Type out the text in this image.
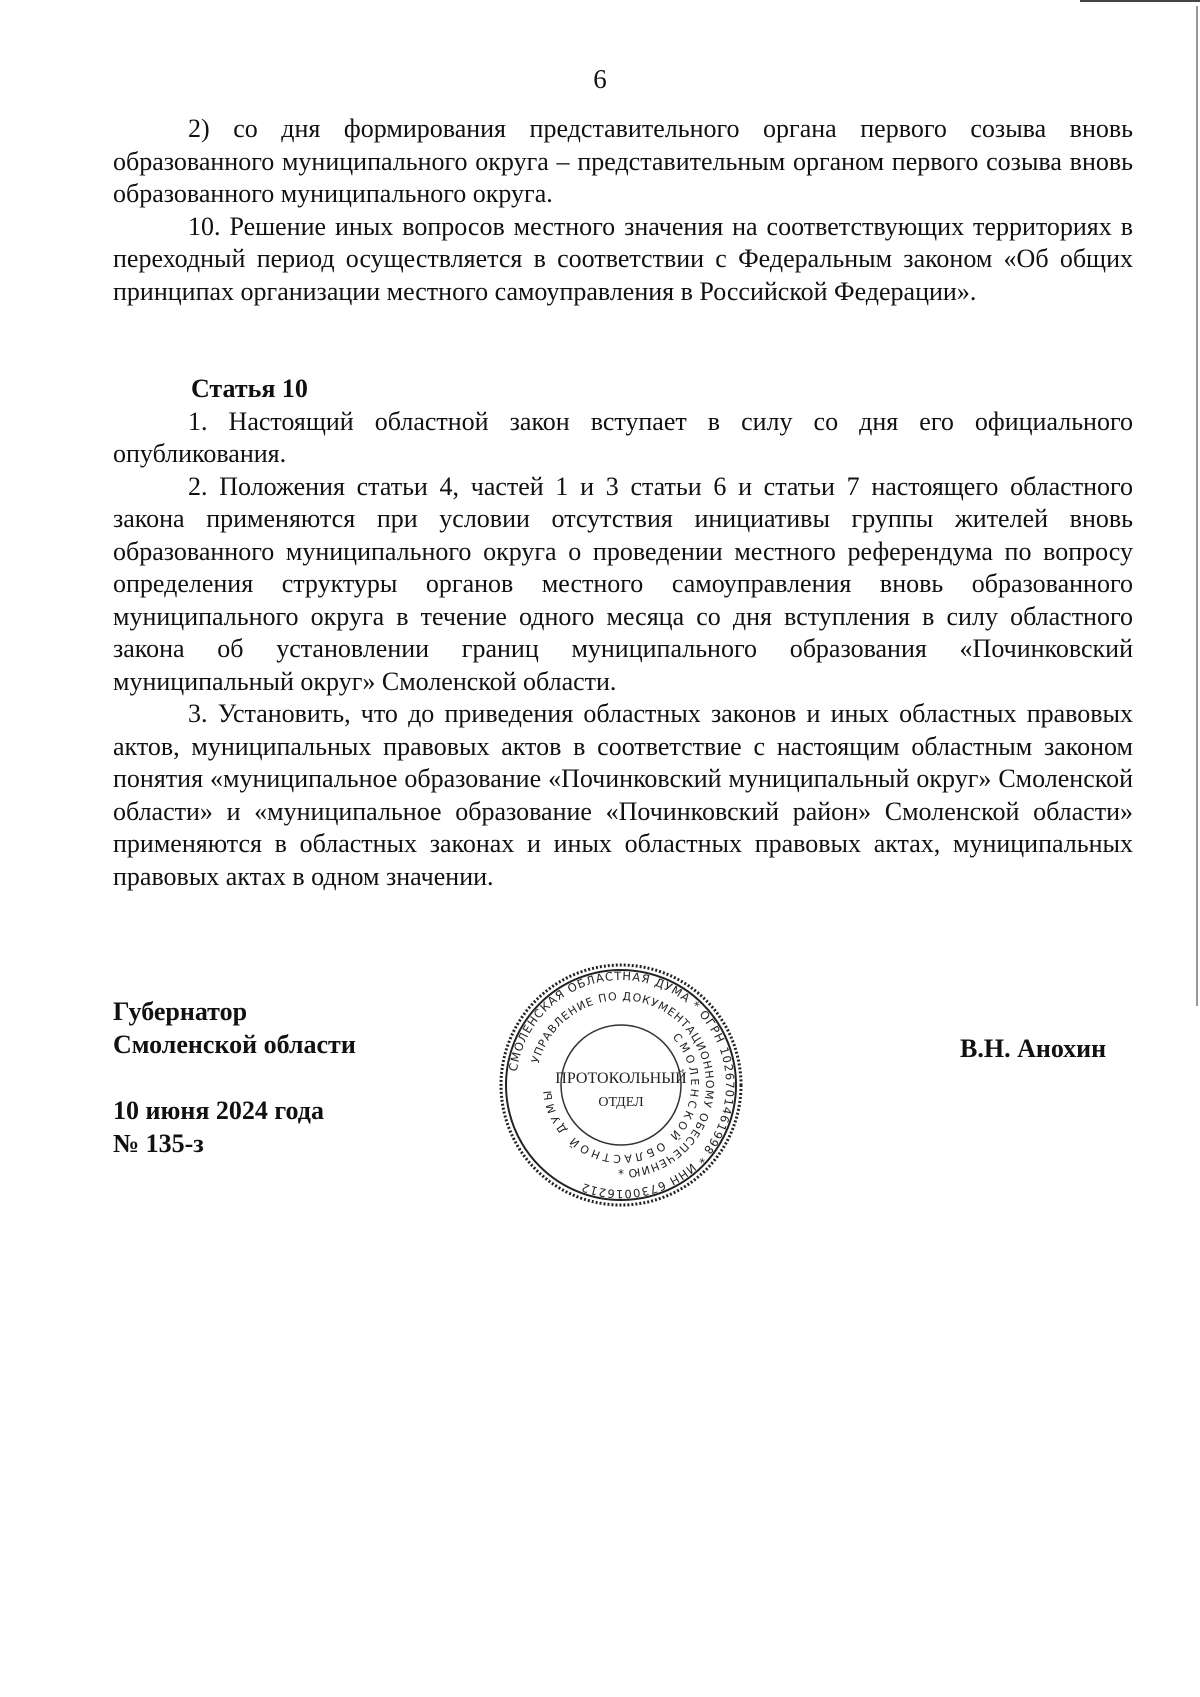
6

2) со дня формирования представительного органа первого созыва вновь образованного муниципального округа – представительным органом первого созыва вновь образованного муниципального округа.

10. Решение иных вопросов местного значения на соответствующих территориях в переходный период осуществляется в соответствии с Федеральным законом «Об общих принципах организации местного самоуправления в Российской Федерации».

Статья 10

1. Настоящий областной закон вступает в силу со дня его официального опубликования.

2. Положения статьи 4, частей 1 и 3 статьи 6 и статьи 7 настоящего областного закона применяются при условии отсутствия инициативы группы жителей вновь образованного муниципального округа о проведении местного референдума по вопросу определения структуры органов местного самоуправления вновь образованного муниципального округа в течение одного месяца со дня вступления в силу областного закона об установлении границ муниципального образования «Починковский муниципальный округ» Смоленской области.

3. Установить, что до приведения областных законов и иных областных правовых актов, муниципальных правовых актов в соответствие с настоящим областным законом понятия «муниципальное образование «Починковский муниципальный округ» Смоленской области» и «муниципальное образование «Починковский район» Смоленской области» применяются в областных законах и иных областных правовых актах, муниципальных правовых актах в одном значении.

Губернатор
Смоленской области
10 июня 2024 года
№ 135-з
В.Н. Анохин
СМОЛЕНСКАЯ ОБЛАСТНАЯ ДУМА * ОГРН 1026701461998 * ИНН 6730016212
УПРАВЛЕНИЕ ПО ДОКУМЕНТАЦИОННОМУ ОБЕСПЕЧЕНИЮ
СМОЛЕНСКОЙ ОБЛАСТНОЙ ДУМЫ
ПРОТОКОЛЬНЫЙ
ОТДЕЛ
*
